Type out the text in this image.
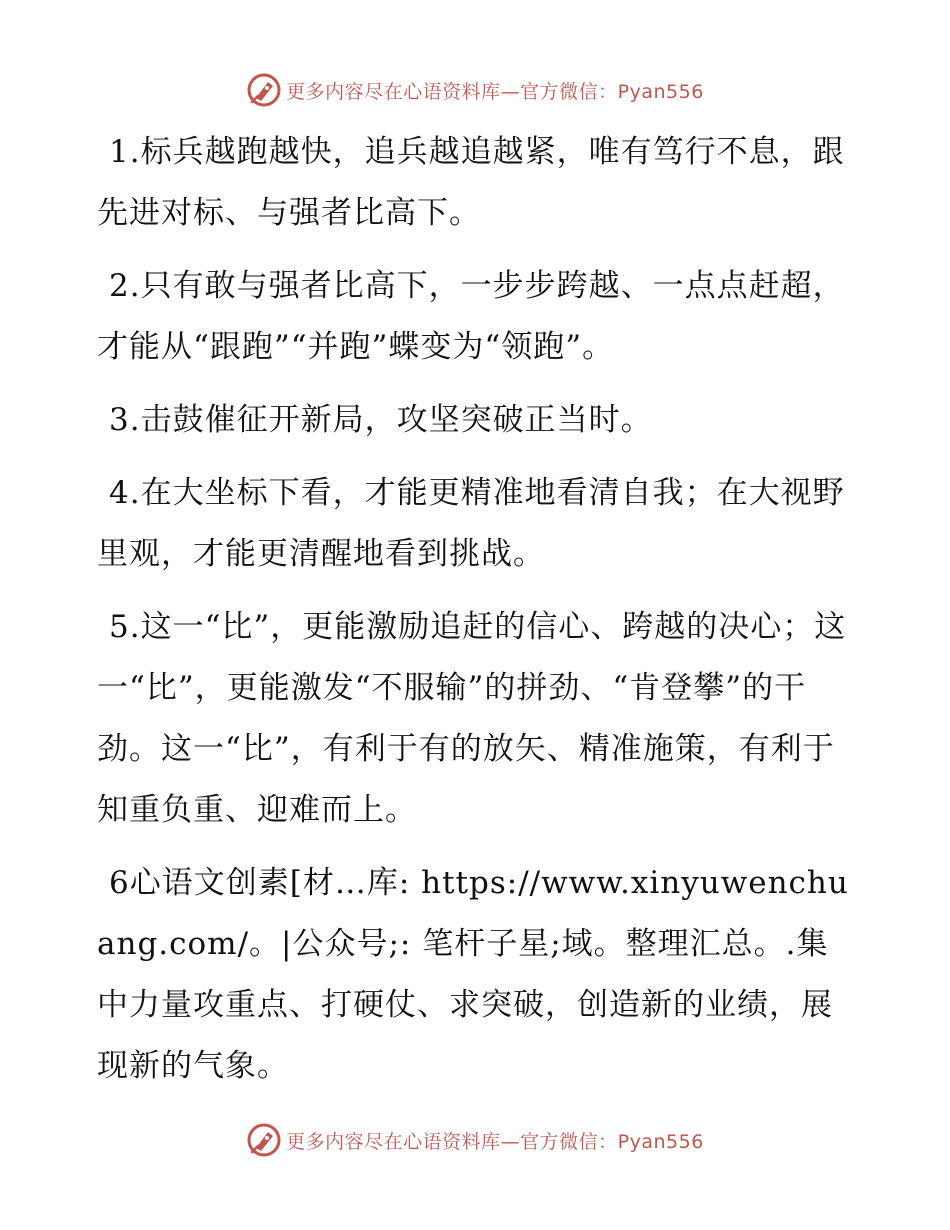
更多内容尽在心语资料库—官方微信：Pyan556

1.标兵越跑越快，追兵越追越紧，唯有笃行不息，跟先进对标、与强者比高下。

2.只有敢与强者比高下，一步步跨越、一点点赶超，才能从“跟跑”“并跑”蝶变为“领跑”。

3.击鼓催征开新局，攻坚突破正当时。

4.在大坐标下看，才能更精准地看清自我；在大视野里观，才能更清醒地看到挑战。

5.这一“比”，更能激励追赶的信心、跨越的决心；这一“比”，更能激发“不服输”的拼劲、“肯登攀”的干劲。这一“比”，有利于有的放矢、精准施策，有利于知重负重、迎难而上。

6心语文创素[材…库: https://www.xinyuwenchuang.com/。|公众号;: 笔杆子星;域。整理汇总。.集中力量攻重点、打硬仗、求突破，创造新的业绩，展现新的气象。

更多内容尽在心语资料库—官方微信：Pyan556
